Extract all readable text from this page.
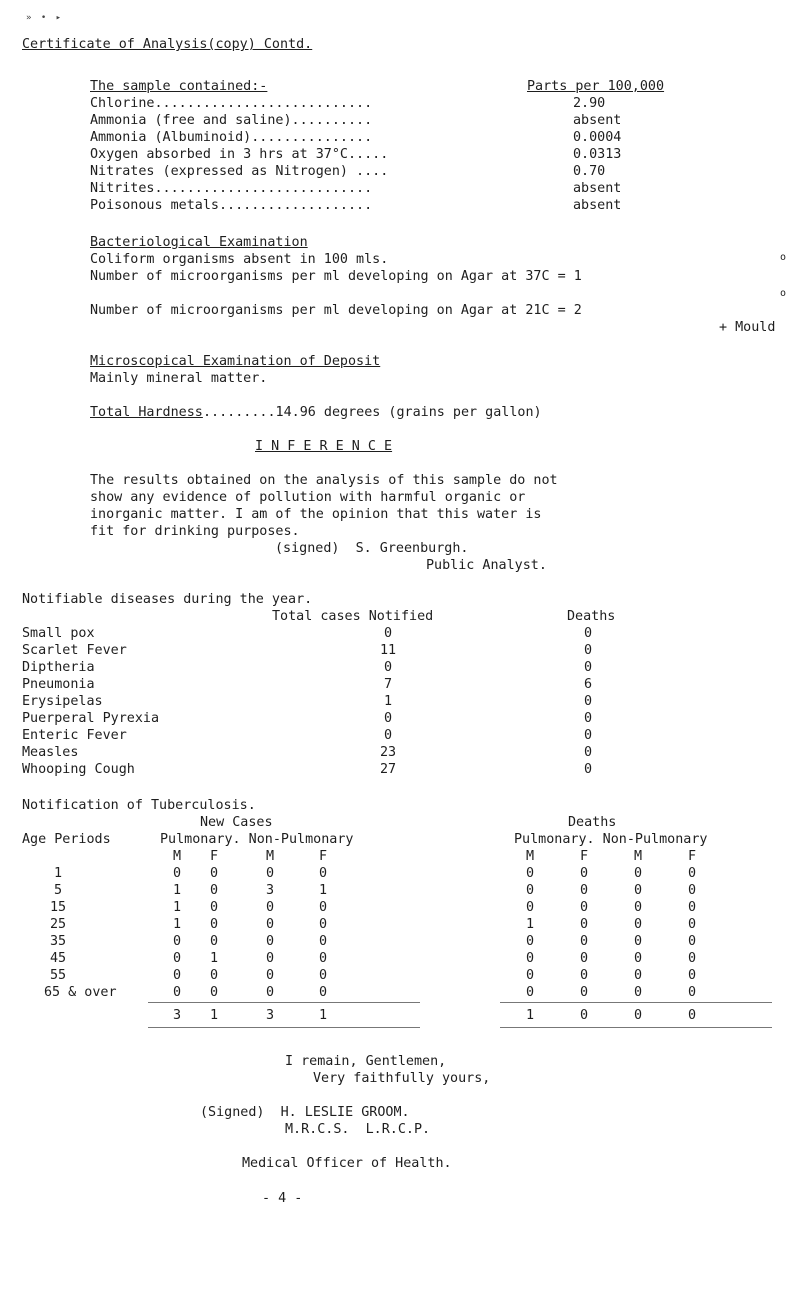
» • ▸
Certificate of Analysis(copy) Contd.
The sample contained:-	Parts per 100,000
Chlorine...........................	2.90
Ammonia (free and saline)..........	absent
Ammonia (Albuminoid)...............	0.0004
Oxygen absorbed in 3 hrs at 37°C.....	0.0313
Nitrates (expressed as Nitrogen) ....	0.70
Nitrites...........................	absent
Poisonous metals...................	absent
Bacteriological Examination
Coliform organisms absent in 100 mls.	o
Number of microorganisms per ml developing on Agar at 37C = 1
o
Number of microorganisms per ml developing on Agar at 21C = 2
+ Mould
Microscopical Examination of Deposit
Mainly mineral matter.
Total Hardness .........14.96 degrees (grains per gallon)
I N F E R E N C E
The results obtained on the analysis of this sample do not
show any evidence of pollution with harmful organic or
inorganic matter. I am of the opinion that this water is
fit for drinking purposes.
(signed)  S. Greenburgh.
Public Analyst.
Notifiable diseases during the year.
Total cases Notified	Deaths
Small pox	0	0
Scarlet Fever	11	0
Diptheria	0	0
Pneumonia	7	6
Erysipelas	1	0
Puerperal Pyrexia	0	0
Enteric Fever	0	0
Measles	23	0
Whooping Cough	27	0
Notification of Tuberculosis.
New Cases	Deaths
Age Periods	Pulmonary. Non-Pulmonary	Pulmonary. Non-Pulmonary
M	F	M	F	M	F	M	F
1	0	0	0	0	0	0	0	0
5	1	0	3	1	0	0	0	0
15	1	0	0	0	0	0	0	0
25	1	0	0	0	1	0	0	0
35	0	0	0	0	0	0	0	0
45	0	1	0	0	0	0	0	0
55	0	0	0	0	0	0	0	0
65 & over	0	0	0	0	0	0	0	0
3	1	3	1	1	0	0	0
I remain, Gentlemen,
Very faithfully yours,
(Signed)  H. LESLIE GROOM.
M.R.C.S.  L.R.C.P.
Medical Officer of Health.
- 4 -
